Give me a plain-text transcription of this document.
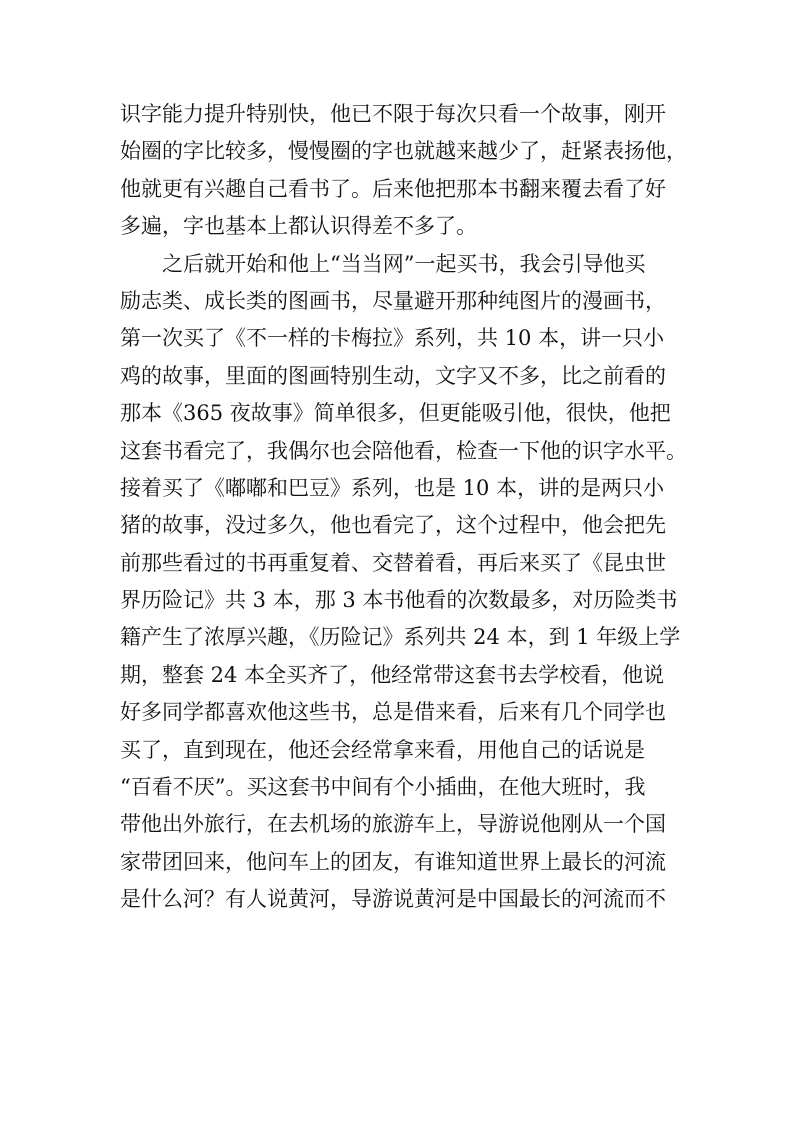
识字能力提升特别快，他已不限于每次只看一个故事，刚开
始圈的字比较多，慢慢圈的字也就越来越少了，赶紧表扬他，
他就更有兴趣自己看书了。后来他把那本书翻来覆去看了好
多遍，字也基本上都认识得差不多了。
　　之后就开始和他上“当当网”一起买书，我会引导他买
励志类、成长类的图画书，尽量避开那种纯图片的漫画书，
第一次买了《不一样的卡梅拉》系列，共 10 本，讲一只小
鸡的故事，里面的图画特别生动，文字又不多，比之前看的
那本《365 夜故事》简单很多，但更能吸引他，很快，他把
这套书看完了，我偶尔也会陪他看，检查一下他的识字水平。
接着买了《嘟嘟和巴豆》系列，也是 10 本，讲的是两只小
猪的故事，没过多久，他也看完了，这个过程中，他会把先
前那些看过的书再重复着、交替着看，再后来买了《昆虫世
界历险记》共 3 本，那 3 本书他看的次数最多，对历险类书
籍产生了浓厚兴趣，《历险记》系列共 24 本，到 1 年级上学
期，整套 24 本全买齐了，他经常带这套书去学校看，他说
好多同学都喜欢他这些书，总是借来看，后来有几个同学也
买了，直到现在，他还会经常拿来看，用他自己的话说是
“百看不厌”。买这套书中间有个小插曲，在他大班时，我
带他出外旅行，在去机场的旅游车上，导游说他刚从一个国
家带团回来，他问车上的团友，有谁知道世界上最长的河流
是什么河？有人说黄河，导游说黄河是中国最长的河流而不
